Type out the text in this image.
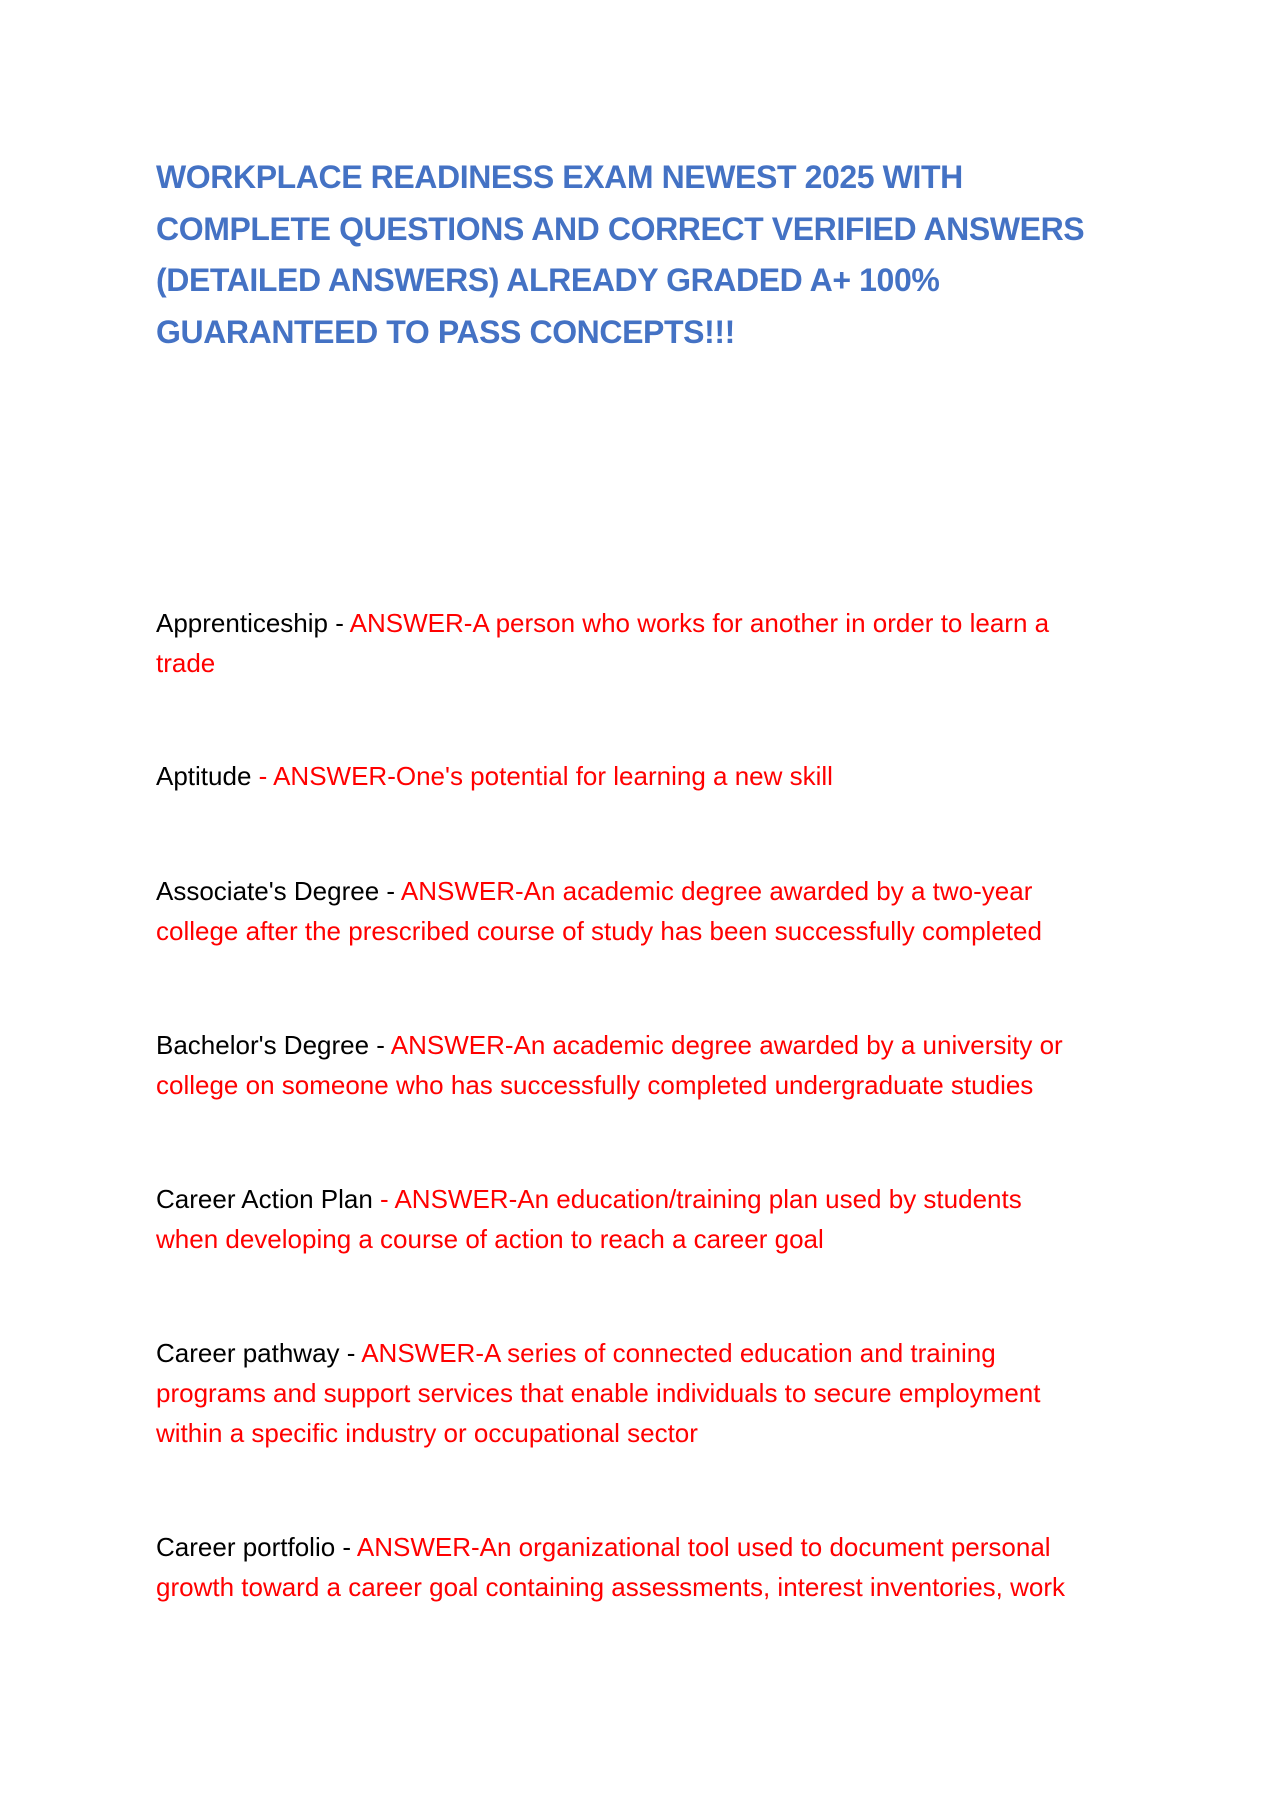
WORKPLACE READINESS EXAM NEWEST 2025 WITH
COMPLETE QUESTIONS AND CORRECT VERIFIED ANSWERS
(DETAILED ANSWERS) ALREADY GRADED A+ 100%
GUARANTEED TO PASS CONCEPTS!!!
Apprenticeship - ANSWER-A person who works for another in order to learn a
trade
Aptitude - ANSWER-One's potential for learning a new skill
Associate's Degree - ANSWER-An academic degree awarded by a two-year
college after the prescribed course of study has been successfully completed
Bachelor's Degree - ANSWER-An academic degree awarded by a university or
college on someone who has successfully completed undergraduate studies
Career Action Plan - ANSWER-An education/training plan used by students
when developing a course of action to reach a career goal
Career pathway - ANSWER-A series of connected education and training
programs and support services that enable individuals to secure employment
within a specific industry or occupational sector
Career portfolio - ANSWER-An organizational tool used to document personal
growth toward a career goal containing assessments, interest inventories, work
